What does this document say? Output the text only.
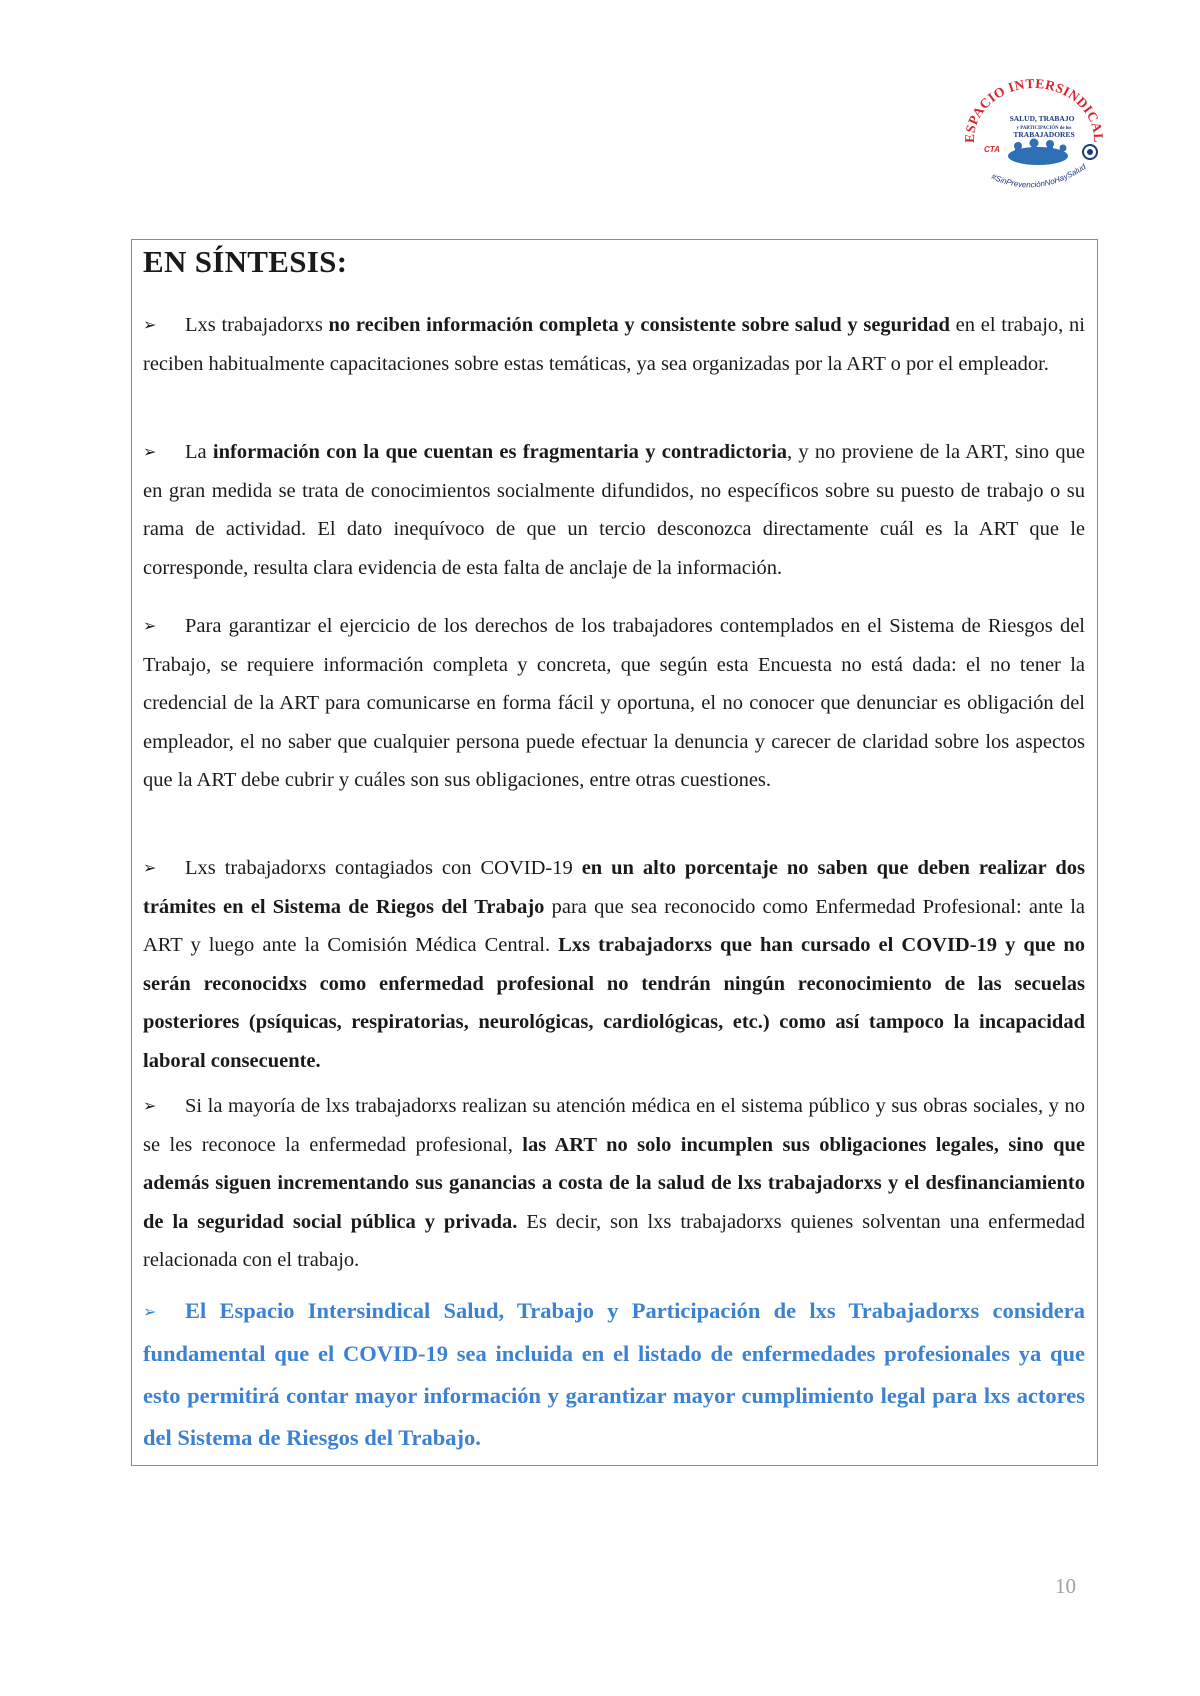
ESPACIO INTERSINDICAL
SALUD, TRABAJO
y PARTICIPACIÓN de los
TRABAJADORES
CTA
#SinPrevenciónNoHaySalud
EN SÍNTESIS:

➢ Lxs trabajadorxs no reciben información completa y consistente sobre salud y seguridad en el trabajo, ni reciben habitualmente capacitaciones sobre estas temáticas, ya sea organizadas por la ART o por el empleador.

➢ La información con la que cuentan es fragmentaria y contradictoria, y no proviene de la ART, sino que en gran medida se trata de conocimientos socialmente difundidos, no específicos sobre su puesto de trabajo o su rama de actividad. El dato inequívoco de que un tercio desconozca directamente cuál es la ART que le corresponde, resulta clara evidencia de esta falta de anclaje de la información.

➢ Para garantizar el ejercicio de los derechos de los trabajadores contemplados en el Sistema de Riesgos del Trabajo, se requiere información completa y concreta, que según esta Encuesta no está dada: el no tener la credencial de la ART para comunicarse en forma fácil y oportuna, el no conocer que denunciar es obligación del empleador, el no saber que cualquier persona puede efectuar la denuncia y carecer de claridad sobre los aspectos que la ART debe cubrir y cuáles son sus obligaciones, entre otras cuestiones.

➢ Lxs trabajadorxs contagiados con COVID-19 en un alto porcentaje no saben que deben realizar dos trámites en el Sistema de Riegos del Trabajo para que sea reconocido como Enfermedad Profesional: ante la ART y luego ante la Comisión Médica Central. Lxs trabajadorxs que han cursado el COVID-19 y que no serán reconocidxs como enfermedad profesional no tendrán ningún reconocimiento de las secuelas posteriores (psíquicas, respiratorias, neurológicas, cardiológicas, etc.) como así tampoco la incapacidad laboral consecuente.

➢ Si la mayoría de lxs trabajadorxs realizan su atención médica en el sistema público y sus obras sociales, y no se les reconoce la enfermedad profesional, las ART no solo incumplen sus obligaciones legales, sino que además siguen incrementando sus ganancias a costa de la salud de lxs trabajadorxs y el desfinanciamiento de la seguridad social pública y privada. Es decir, son lxs trabajadorxs quienes solventan una enfermedad relacionada con el trabajo.

➢ El Espacio Intersindical Salud, Trabajo y Participación de lxs Trabajadorxs considera fundamental que el COVID-19 sea incluida en el listado de enfermedades profesionales ya que esto permitirá contar mayor información y garantizar mayor cumplimiento legal para lxs actores del Sistema de Riesgos del Trabajo.

10
